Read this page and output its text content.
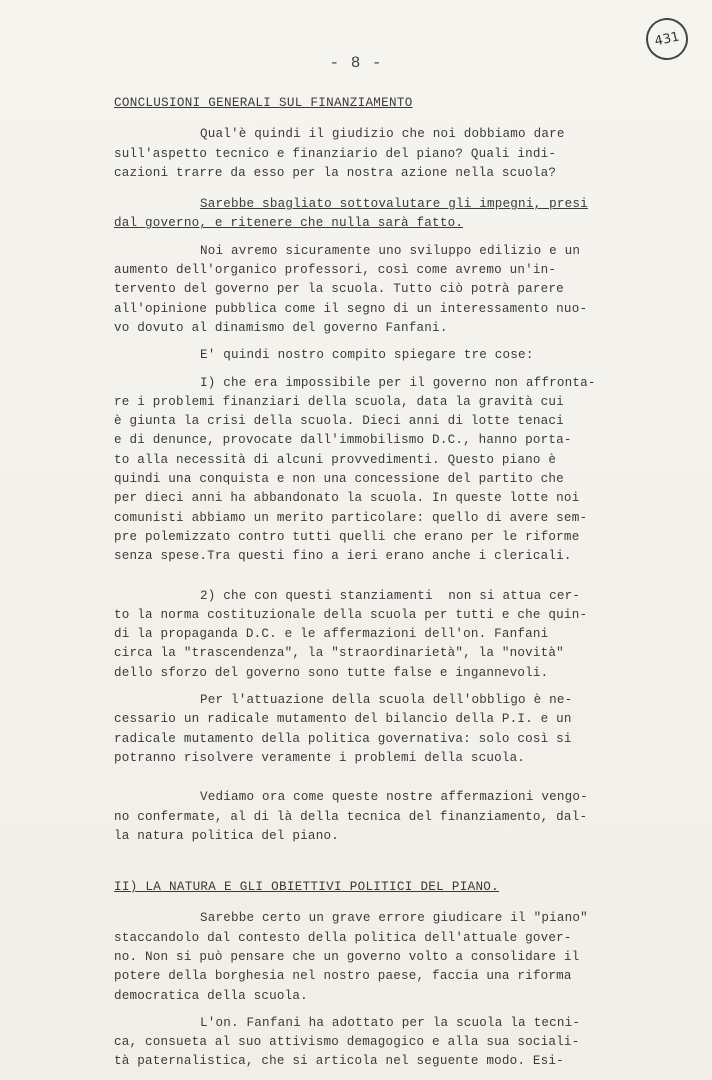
431
- 8 -
CONCLUSIONI GENERALI SUL FINANZIAMENTO
Qual'è quindi il giudizio che noi dobbiamo dare
sull'aspetto tecnico e finanziario del piano? Quali indi-
cazioni trarre da esso per la nostra azione nella scuola?
Sarebbe sbagliato sottovalutare gli impegni, presi
dal governo, e ritenere che nulla sarà fatto.
Noi avremo sicuramente uno sviluppo edilizio e un
aumento dell'organico professori, così come avremo un'in-
tervento del governo per la scuola. Tutto ciò potrà parere
all'opinione pubblica come il segno di un interessamento nuo-
vo dovuto al dinamismo del governo Fanfani.
E' quindi nostro compito spiegare tre cose:
I) che era impossibile per il governo non affronta-
re i problemi finanziari della scuola, data la gravità cui
è giunta la crisi della scuola. Dieci anni di lotte tenaci
e di denunce, provocate dall'immobilismo D.C., hanno porta-
to alla necessità di alcuni provvedimenti. Questo piano è
quindi una conquista e non una concessione del partito che
per dieci anni ha abbandonato la scuola. In queste lotte noi
comunisti abbiamo un merito particolare: quello di avere sem-
pre polemizzato contro tutti quelli che erano per le riforme
senza spese.Tra questi fino a ieri erano anche i clericali.
2) che con questi stanziamenti  non si attua cer-
to la norma costituzionale della scuola per tutti e che quin-
di la propaganda D.C. e le affermazioni dell'on. Fanfani
circa la "trascendenza", la "straordinarietà", la "novità"
dello sforzo del governo sono tutte false e ingannevoli.
Per l'attuazione della scuola dell'obbligo è ne-
cessario un radicale mutamento del bilancio della P.I. e un
radicale mutamento della politica governativa: solo così si
potranno risolvere veramente i problemi della scuola.
Vediamo ora come queste nostre affermazioni vengo-
no confermate, al di là della tecnica del finanziamento, dal-
la natura politica del piano.
II) LA NATURA E GLI OBIETTIVI POLITICI DEL PIANO.
Sarebbe certo un grave errore giudicare il "piano"
staccandolo dal contesto della politica dell'attuale gover-
no. Non si può pensare che un governo volto a consolidare il
potere della borghesia nel nostro paese, faccia una riforma
democratica della scuola.
L'on. Fanfani ha adottato per la scuola la tecni-
ca, consueta al suo attivismo demagogico e alla sua sociali-
tà paternalistica, che si articola nel seguente modo. Esi-
